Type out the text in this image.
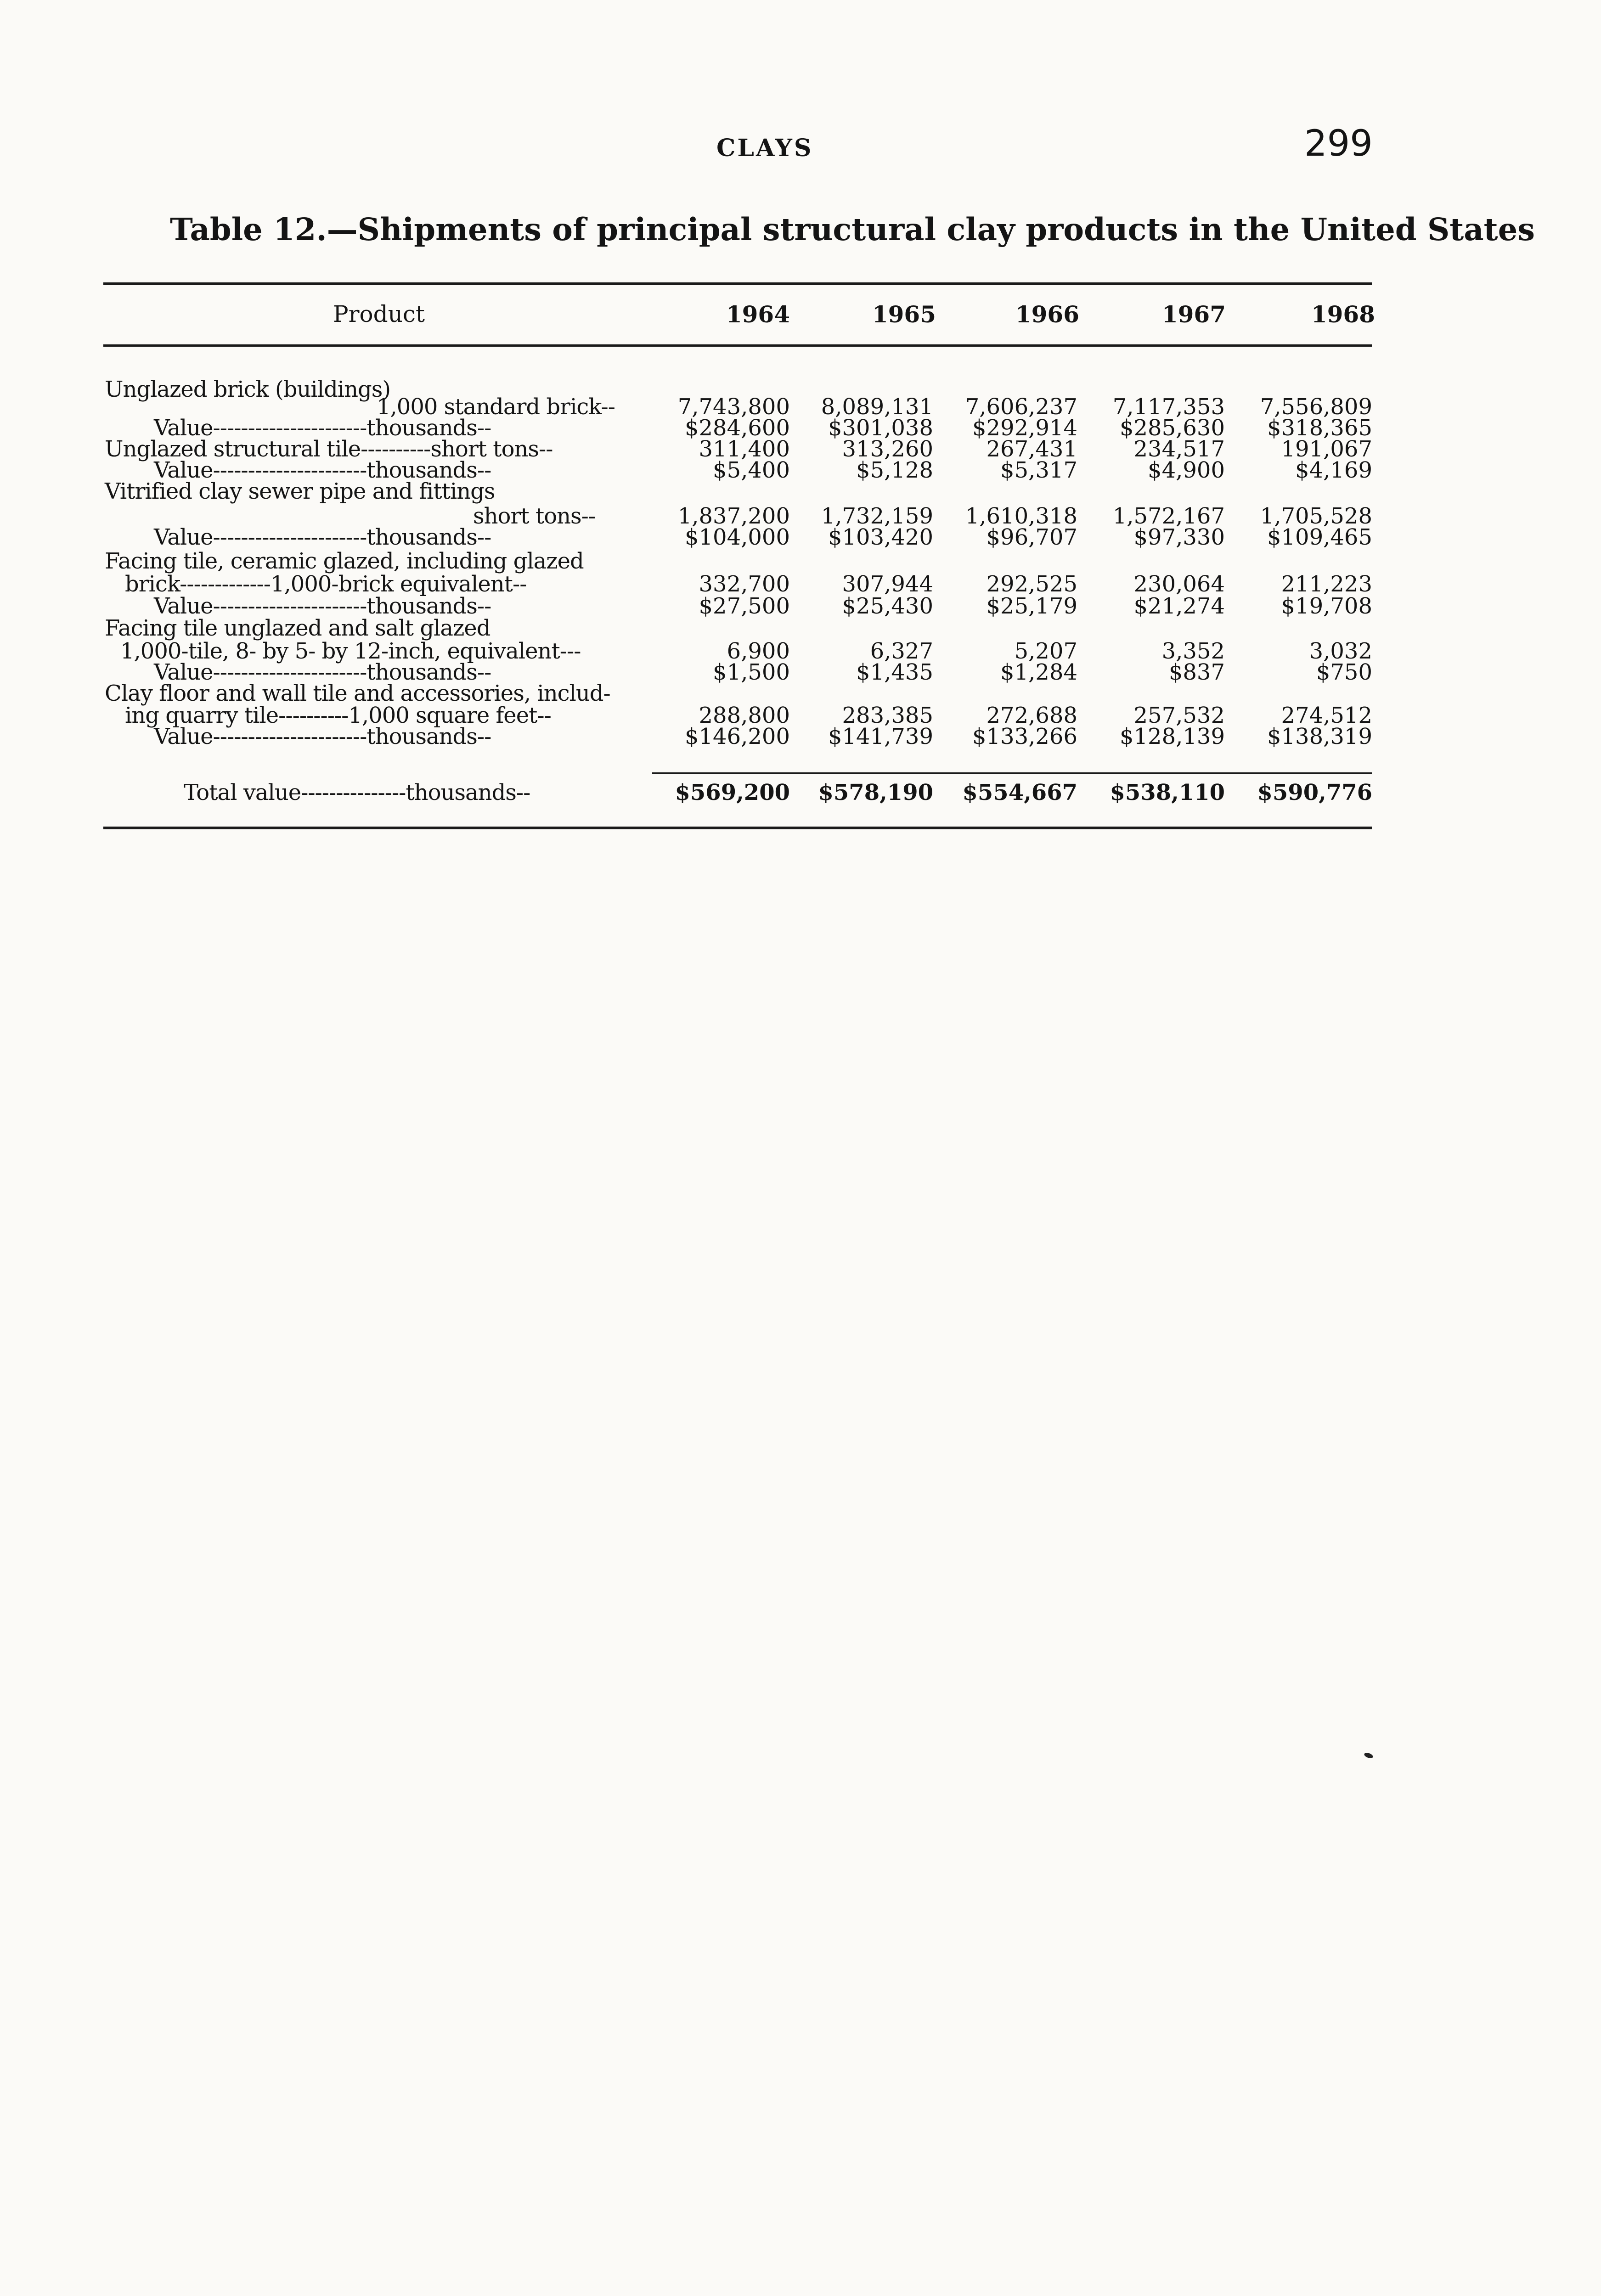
CLAYS	299
Table 12.—Shipments of principal structural clay products in the United States
Product	1964	1965	1966	1967	1968
Unglazed brick (buildings)
1,000 standard brick--	7,743,800	8,089,131	7,606,237	7,117,353	7,556,809
Value----------------------thousands--	$284,600	$301,038	$292,914	$285,630	$318,365
Unglazed structural tile----------short tons--	311,400	313,260	267,431	234,517	191,067
Value----------------------thousands--	$5,400	$5,128	$5,317	$4,900	$4,169
Vitrified clay sewer pipe and fittings
short tons--	1,837,200	1,732,159	1,610,318	1,572,167	1,705,528
Value----------------------thousands--	$104,000	$103,420	$96,707	$97,330	$109,465
Facing tile, ceramic glazed, including glazed
brick-------------1,000-brick equivalent--	332,700	307,944	292,525	230,064	211,223
Value----------------------thousands--	$27,500	$25,430	$25,179	$21,274	$19,708
Facing tile unglazed and salt glazed
1,000-tile, 8- by 5- by 12-inch, equivalent---	6,900	6,327	5,207	3,352	3,032
Value----------------------thousands--	$1,500	$1,435	$1,284	$837	$750
Clay floor and wall tile and accessories, includ-
ing quarry tile----------1,000 square feet--	288,800	283,385	272,688	257,532	274,512
Value----------------------thousands--	$146,200	$141,739	$133,266	$128,139	$138,319
Total value---------------thousands--	$569,200	$578,190	$554,667	$538,110	$590,776
